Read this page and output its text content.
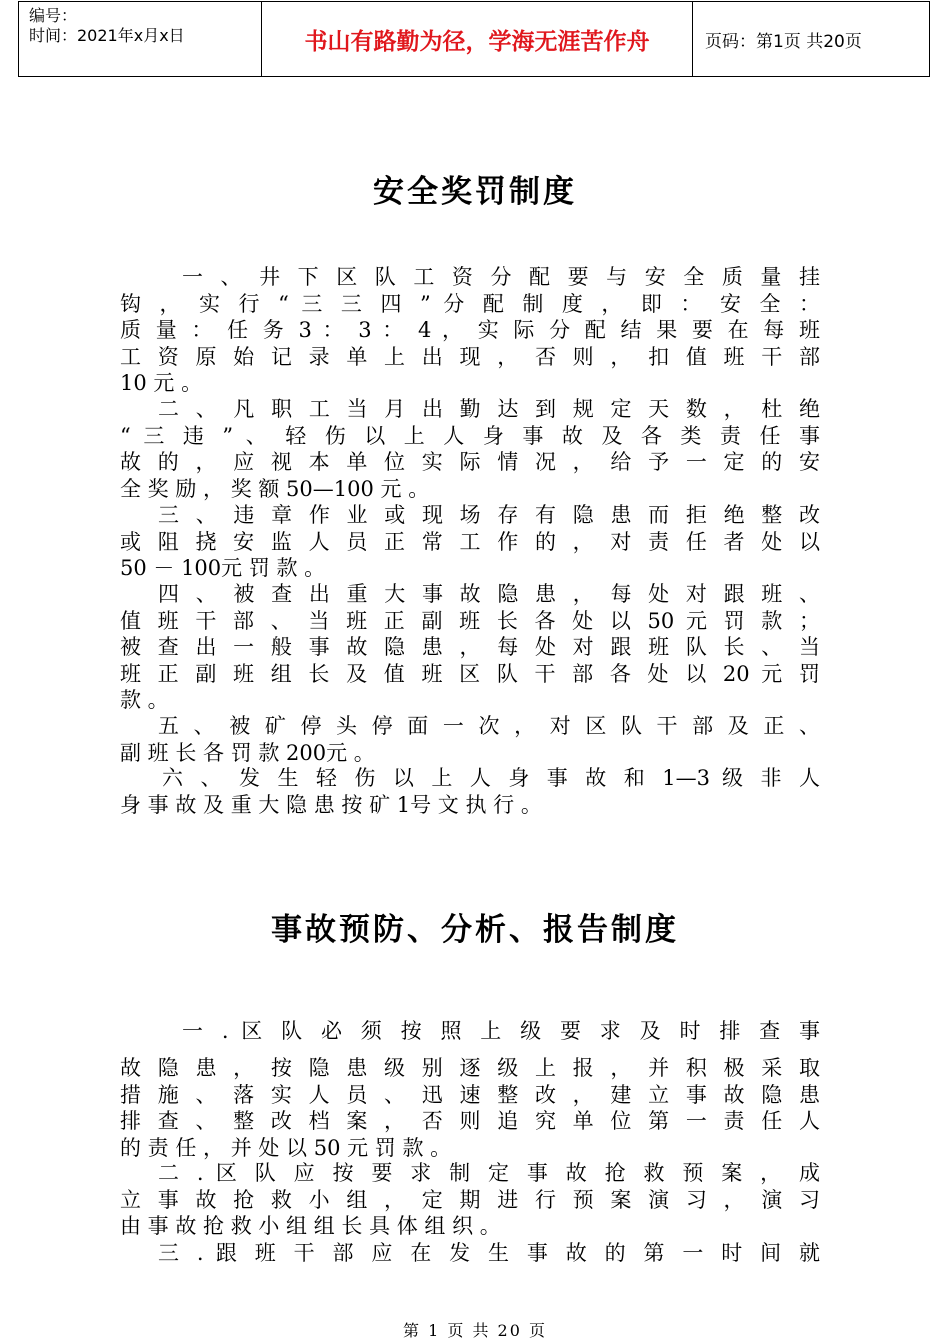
编号：
时间：2021年x月x日	书山有路勤为径，学海无涯苦作舟	页码：第1页 共20页
安全奖罚制度
一 、 井 下 区 队 工 资 分 配 要 与 安 全 质 量 挂
钩 ， 实 行 “ 三 三 四 ” 分 配 制 度 ， 即 ： 安 全 ：
质 量 ： 任 务 3 ： 3 ： 4 ， 实 际 分 配 结 果 要 在 每 班
工 资 原 始 记 录 单 上 出 现 ， 否 则 ， 扣 值 班 干 部
10 元 。
二 、 凡 职 工 当 月 出 勤 达 到 规 定 天 数 ， 杜 绝
“ 三 违 ” 、 轻 伤 以 上 人 身 事 故 及 各 类 责 任 事
故 的 ， 应 视 本 单 位 实 际 情 况 ， 给 予 一 定 的 安
全 奖 励 ， 奖 额 50—100 元 。
三 、 违 章 作 业 或 现 场 存 有 隐 患 而 拒 绝 整 改
或 阻 挠 安 监 人 员 正 常 工 作 的 ， 对 责 任 者 处 以
50 － 100元 罚 款 。
四 、 被 查 出 重 大 事 故 隐 患 ， 每 处 对 跟 班 、
值 班 干 部 、 当 班 正 副 班 长 各 处 以 50 元 罚 款 ；
被 查 出 一 般 事 故 隐 患 ， 每 处 对 跟 班 队 长 、 当
班 正 副 班 组 长 及 值 班 区 队 干 部 各 处 以 20 元 罚
款 。
五 、 被 矿 停 头 停 面 一 次 ， 对 区 队 干 部 及 正 、
副 班 长 各 罚 款 200元 。
六 、 发 生 轻 伤 以 上 人 身 事 故 和 1—3 级 非 人
身 事 故 及 重 大 隐 患 按 矿 1号 文 执 行 。
事故预防、分析、报告制度
一 . 区 队 必 须 按 照 上 级 要 求 及 时 排 查 事
故 隐 患 ， 按 隐 患 级 别 逐 级 上 报 ， 并 积 极 采 取
措 施 、 落 实 人 员 、 迅 速 整 改 ， 建 立 事 故 隐 患
排 查 、 整 改 档 案 ， 否 则 追 究 单 位 第 一 责 任 人
的 责 任 ， 并 处 以 50 元 罚 款 。
二 . 区 队 应 按 要 求 制 定 事 故 抢 救 预 案 ， 成
立 事 故 抢 救 小 组 ， 定 期 进 行 预 案 演 习 ， 演 习
由 事 故 抢 救 小 组 组 长 具 体 组 织 。
三 . 跟 班 干 部 应 在 发 生 事 故 的 第 一 时 间 就
第 1 页 共 20 页
